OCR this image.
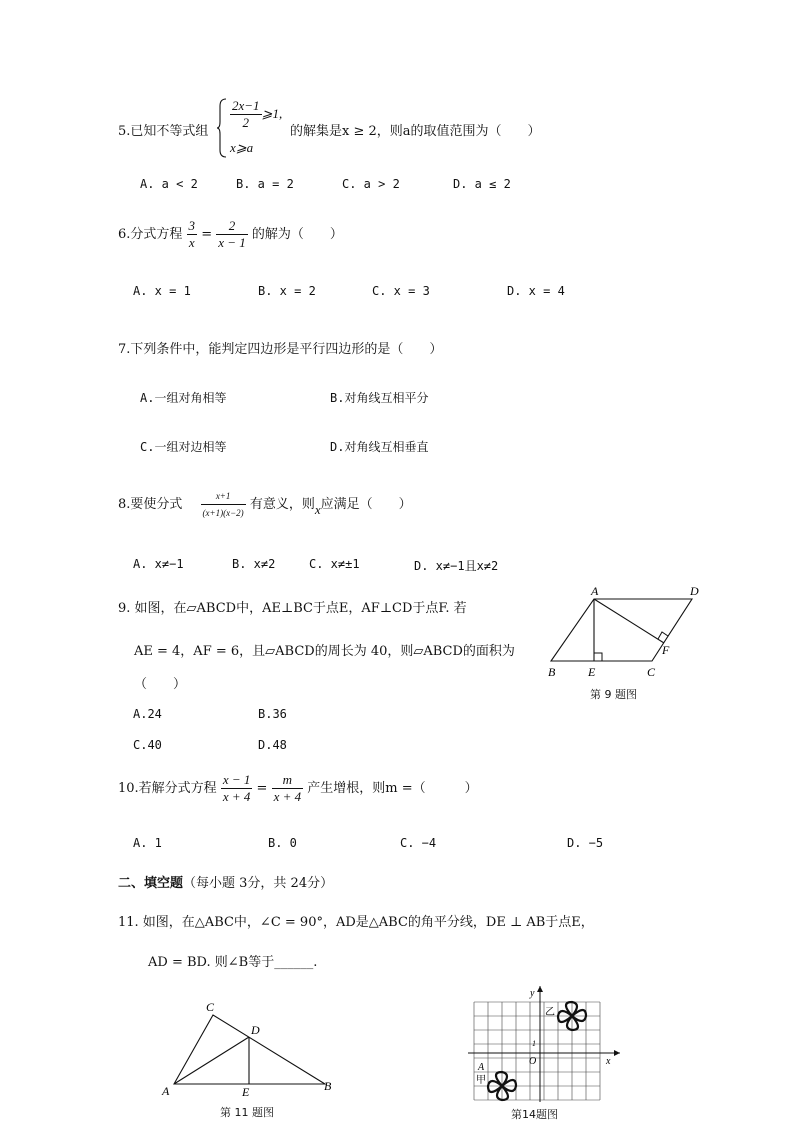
5.已知不等式组
$\frac{2x-1}{2}$ ⩾1,
x⩾a
的解集是x ≥ 2，则a的取值范围为（　　）
A. a < 2	B. a = 2	C. a > 2	D. a ≤ 2
6.分式方程 $\frac{3}{x} = \frac{2}{x - 1}$ 的解为（　　）
A. x = 1	B. x = 2	C. x = 3	D. x = 4
7.下列条件中，能判定四边形是平行四边形的是（　　）
A.一组对角相等	B.对角线互相平分
C.一组对边相等	D.对角线互相垂直
8.要使分式 $\frac{x+1}{(x+1)(x-2)}$ 有意义，则x应满足（　　）
A. x≠−1	B. x≠2	C. x≠±1	D. x≠−1且x≠2
9. 如图，在▱ABCD中，AE⊥BC于点E，AF⊥CD于点F. 若
AE = 4，AF = 6，且▱ABCD的周长为 40，则▱ABCD的面积为
（　　）
A.24	B.36
C.40	D.48
A	D
B	E	C
F
第 9 题图
10.若解分式方程 $\frac{x - 1}{x + 4} = \frac{m}{x + 4}$ 产生增根，则m =（　　　）
A. 1	B. 0	C. −4	D. −5
二、填空题（每小题 3分，共 24分）
11. 如图，在△ABC中，∠C = 90°，AD是△ABC的角平分线，DE ⊥ AB于点E，
AD = BD. 则∠B等于______.
C
D
A	E	B
第 11 题图
x
y
O
1
乙
A
甲
第14题图
